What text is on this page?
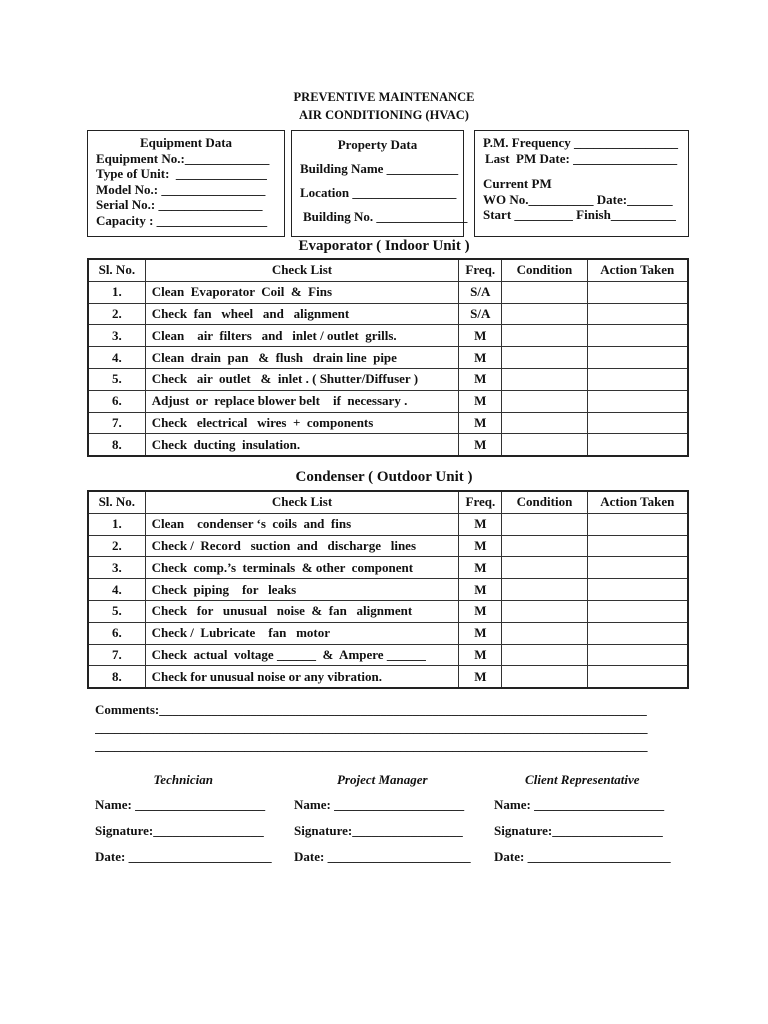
PREVENTIVE MAINTENANCE
AIR CONDITIONING (HVAC)
Equipment Data
Equipment No.:_____________
Type of Unit:  ______________
Model No.: ________________
Serial No.: ________________
Capacity : _________________
Property Data
Building Name ___________
Location ________________
Building No. ______________
P.M. Frequency ________________
Last  PM Date: ________________
Current PM
WO No.__________ Date:_______
Start _________ Finish__________
Evaporator ( Indoor Unit )
Sl. No.	Check List	Freq.	Condition	Action Taken
1.	Clean  Evaporator  Coil  &  Fins	S/A		
2.	Check  fan   wheel   and   alignment	S/A		
3.	Clean    air  filters   and   inlet / outlet  grills.	M		
4.	Clean  drain  pan   &  flush   drain line  pipe	M		
5.	Check   air  outlet   &  inlet . ( Shutter/Diffuser )	M		
6.	Adjust  or  replace blower belt    if  necessary .	M		
7.	Check   electrical   wires  +  components	M		
8.	Check  ducting  insulation.	M		
Condenser ( Outdoor Unit )
Sl. No.	Check List	Freq.	Condition	Action Taken
1.	Clean    condenser ‘s  coils  and  fins	M		
2.	Check /  Record   suction  and   discharge   lines	M		
3.	Check  comp.’s  terminals  & other  component	M		
4.	Check  piping    for   leaks	M		
5.	Check   for   unusual   noise  &  fan   alignment	M		
6.	Check /  Lubricate    fan   motor	M		
7.	Check  actual  voltage ______  &  Ampere ______	M		
8.	Check for unusual noise or any vibration.	M		
Comments:___________________________________________________________________________
_____________________________________________________________________________________
_____________________________________________________________________________________
Technician
Name: ____________________
Signature:_________________
Date: ______________________
Project Manager
Name: ____________________
Signature:_________________
Date: ______________________
Client Representative
Name: ____________________
Signature:_________________
Date: ______________________
